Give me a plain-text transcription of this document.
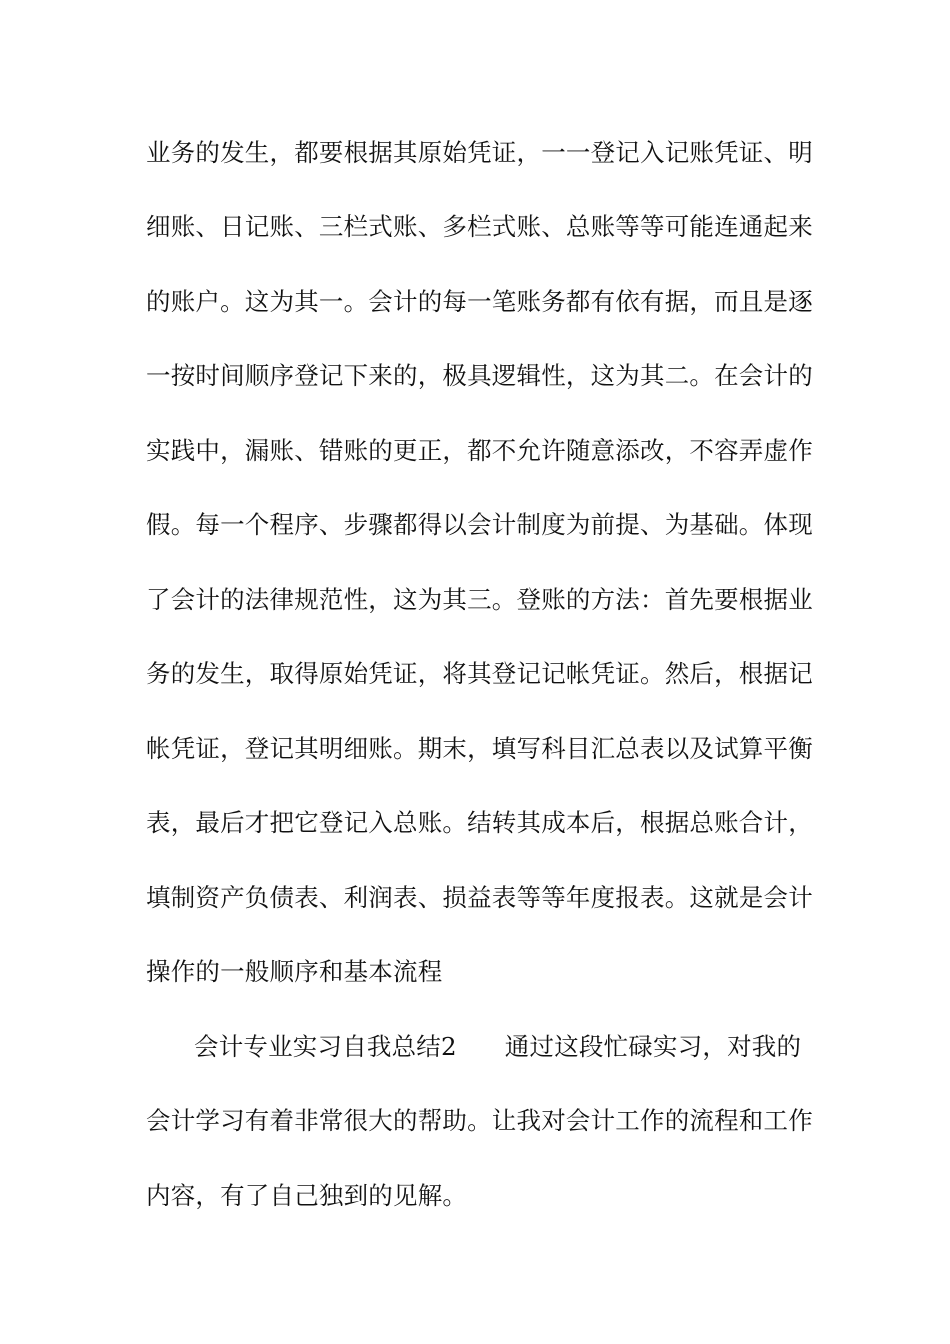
业务的发生，都要根据其原始凭证，一一登记入记账凭证、明
细账、日记账、三栏式账、多栏式账、总账等等可能连通起来
的账户。这为其一。会计的每一笔账务都有依有据，而且是逐
一按时间顺序登记下来的，极具逻辑性，这为其二。在会计的
实践中，漏账、错账的更正，都不允许随意添改，不容弄虚作
假。每一个程序、步骤都得以会计制度为前提、为基础。体现
了会计的法律规范性，这为其三。登账的方法：首先要根据业
务的发生，取得原始凭证，将其登记记帐凭证。然后，根据记
帐凭证，登记其明细账。期末，填写科目汇总表以及试算平衡
表，最后才把它登记入总账。结转其成本后，根据总账合计，
填制资产负债表、利润表、损益表等等年度报表。这就是会计
操作的一般顺序和基本流程
会计专业实习自我总结2 通过这段忙碌实习，对我的
会计学习有着非常很大的帮助。让我对会计工作的流程和工作
内容，有了自己独到的见解。
